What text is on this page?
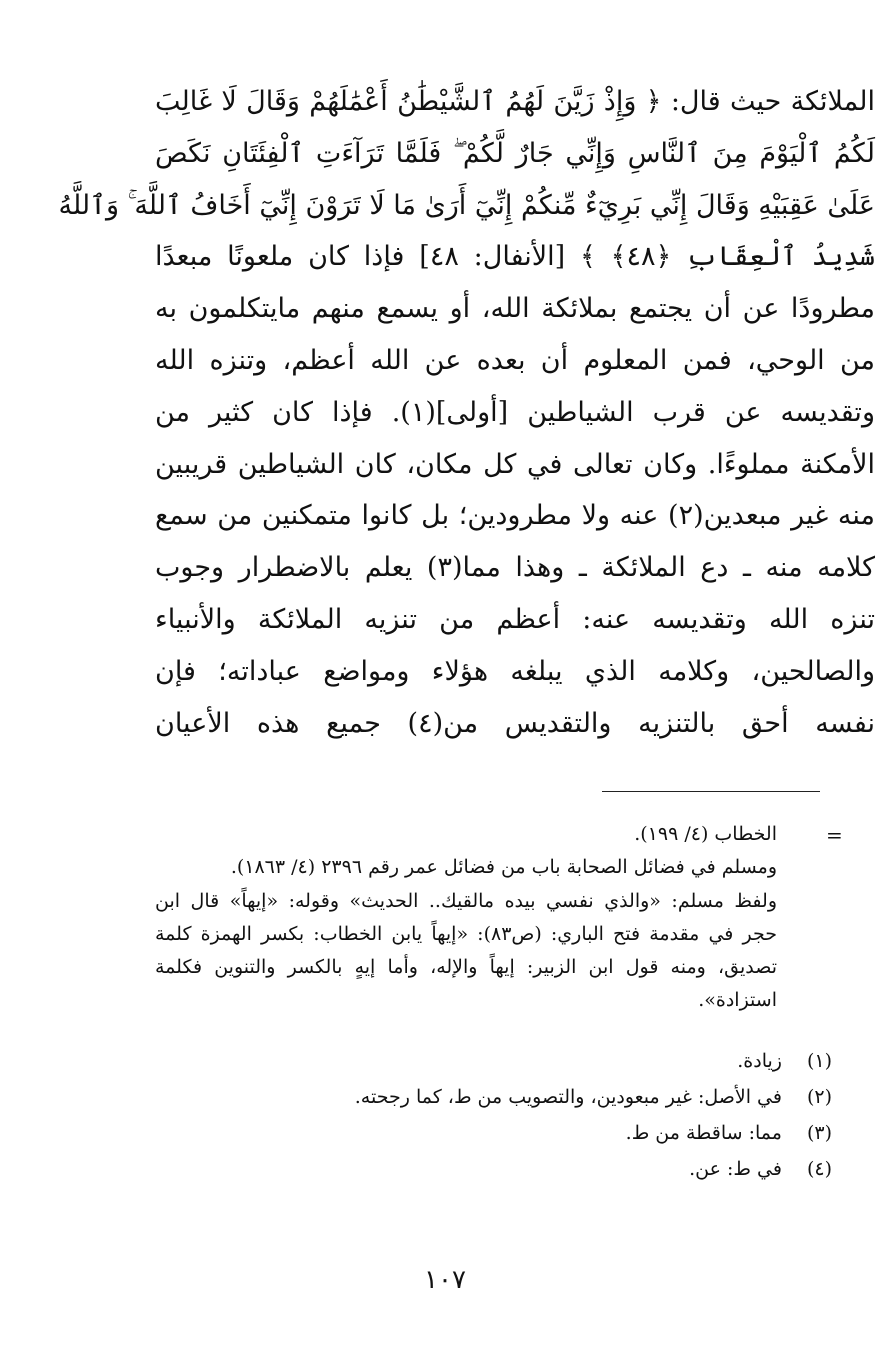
الملائكة حيث قال: ﴿ وَإِذْ زَيَّنَ لَهُمُ ٱلشَّيْطَٰنُ أَعْمَٰلَهُمْ وَقَالَ لَا غَالِبَ
لَكُمُ ٱلْيَوْمَ مِنَ ٱلنَّاسِ وَإِنِّي جَارٌ لَّكُمْ ۖ فَلَمَّا تَرَآءَتِ ٱلْفِئَتَانِ نَكَصَ
عَلَىٰ عَقِبَيْهِ وَقَالَ إِنِّي بَرِيٓءٌ مِّنكُمْ إِنِّيٓ أَرَىٰ مَا لَا تَرَوْنَ إِنِّيٓ أَخَافُ ٱللَّهَ ۚ وَٱللَّهُ
شَدِيدُ ٱلْعِقَابِ ﴿٤٨﴾ ﴾ [الأنفال: ٤٨] فإذا كان ملعونًا مبعدًا
مطرودًا عن أن يجتمع بملائكة الله، أو يسمع منهم مايتكلمون به
من الوحي، فمن المعلوم أن بعده عن الله أعظم، وتنزه الله
وتقديسه عن قرب الشياطين [أولى](١). فإذا كان كثير من
الأمكنة مملوءًا. وكان تعالى في كل مكان، كان الشياطين قريبين
منه غير مبعدين(٢) عنه ولا مطرودين؛ بل كانوا متمكنين من سمع
كلامه منه ـ دع الملائكة ـ وهذا مما(٣) يعلم بالاضطرار وجوب
تنزه الله وتقديسه عنه: أعظم من تنزيه الملائكة والأنبياء
والصالحين، وكلامه الذي يبلغه هؤلاء ومواضع عباداته؛ فإن
نفسه أحق بالتنزيه والتقديس من(٤) جميع هذه الأعيان
=
الخطاب (٤/ ١٩٩).
ومسلم في فضائل الصحابة باب من فضائل عمر رقم ٢٣٩٦ (٤/ ١٨٦٣).
ولفظ مسلم: «والذي نفسي بيده مالقيك.. الحديث» وقوله: «إيهاً» قال ابن
حجر في مقدمة فتح الباري: (ص٨٣): «إيهاً يابن الخطاب: بكسر الهمزة كلمة
تصديق، ومنه قول ابن الزبير: إيهاً والإله، وأما إيهٍ بالكسر والتنوين فكلمة
استزادة».
(١) زيادة.
(٢) في الأصل: غير مبعودين، والتصويب من ط، كما رجحته.
(٣) مما: ساقطة من ط.
(٤) في ط: عن.
١٠٧
